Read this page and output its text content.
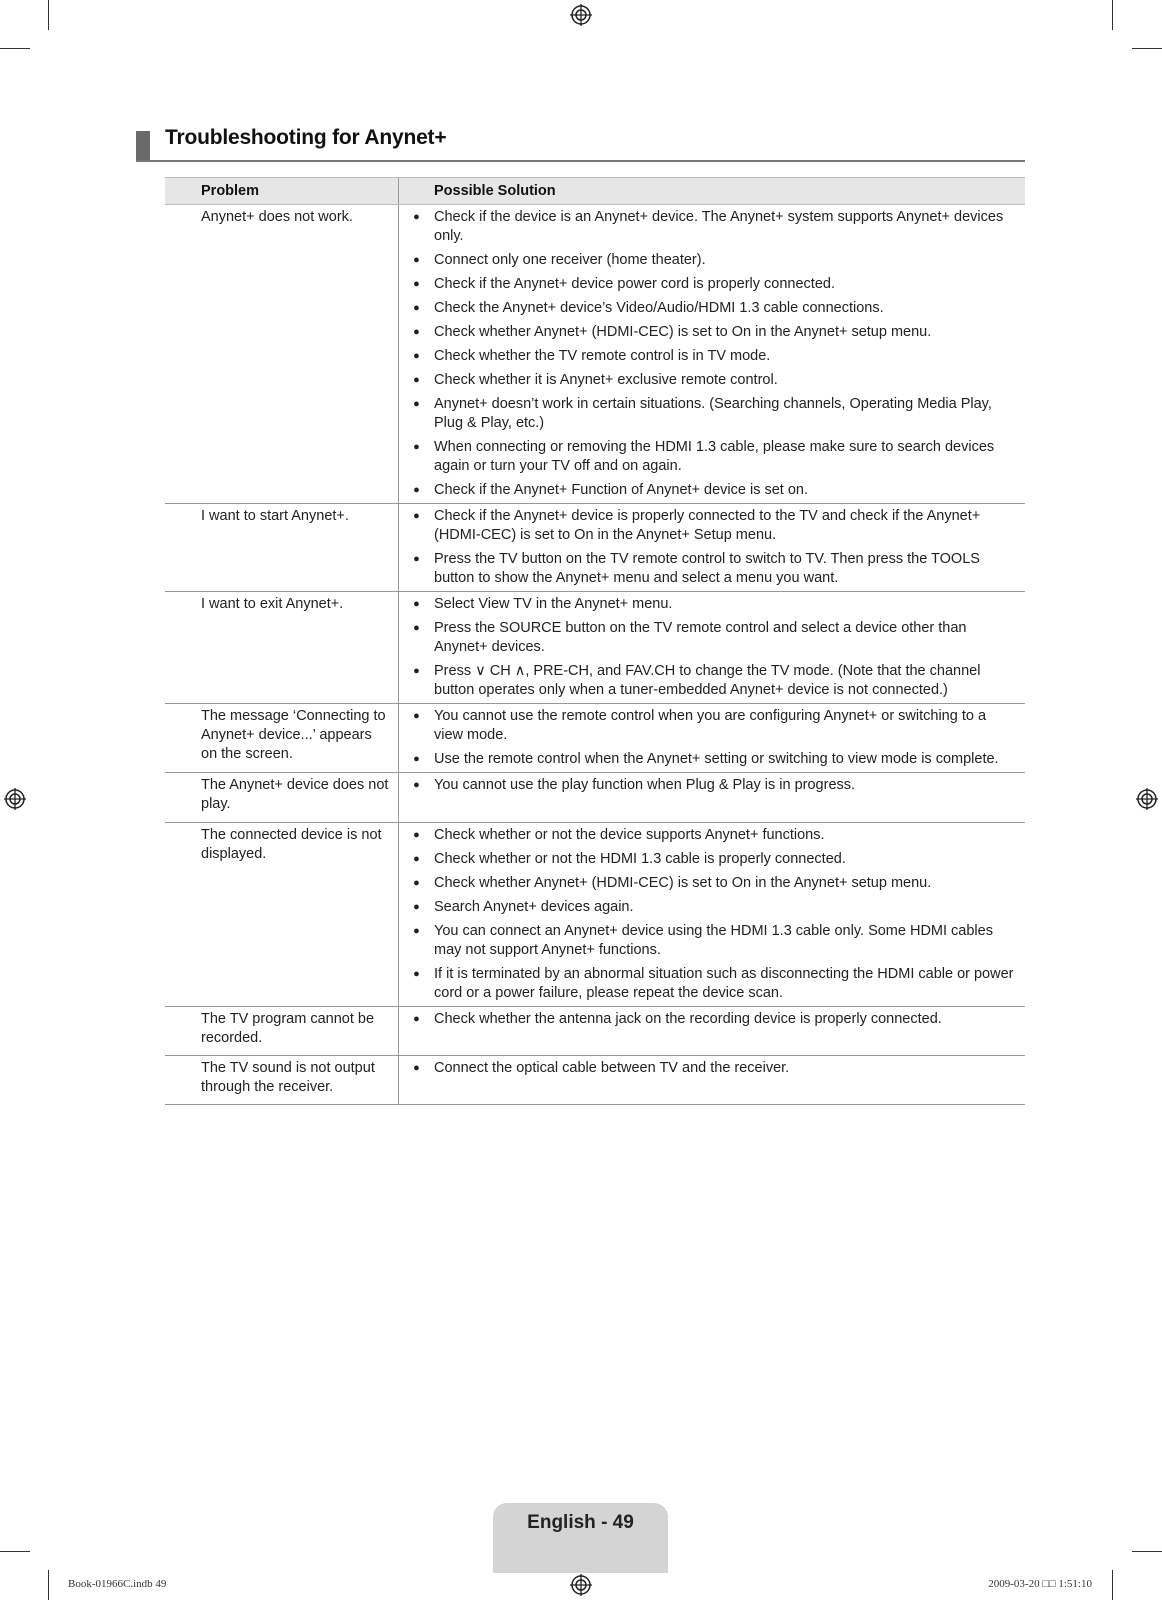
Troubleshooting for Anynet+
Problem	Possible Solution
Anynet+ does not work.	● Check if the device is an Anynet+ device. The Anynet+ system supports Anynet+ devices only.
● Connect only one receiver (home theater).
● Check if the Anynet+ device power cord is properly connected.
● Check the Anynet+ device’s Video/Audio/HDMI 1.3 cable connections.
● Check whether Anynet+ (HDMI-CEC) is set to On in the Anynet+ setup menu.
● Check whether the TV remote control is in TV mode.
● Check whether it is Anynet+ exclusive remote control.
● Anynet+ doesn’t work in certain situations. (Searching channels, Operating Media Play, Plug & Play, etc.)
● When connecting or removing the HDMI 1.3 cable, please make sure to search devices again or turn your TV off and on again.
● Check if the Anynet+ Function of Anynet+ device is set on.
I want to start Anynet+.	● Check if the Anynet+ device is properly connected to the TV and check if the Anynet+ (HDMI-CEC) is set to On in the Anynet+ Setup menu.
● Press the TV button on the TV remote control to switch to TV. Then press the TOOLS button to show the Anynet+ menu and select a menu you want.
I want to exit Anynet+.	● Select View TV in the Anynet+ menu.
● Press the SOURCE button on the TV remote control and select a device other than Anynet+ devices.
● Press ∨ CH ∧, PRE-CH, and FAV.CH to change the TV mode. (Note that the channel button operates only when a tuner-embedded Anynet+ device is not connected.)
The message ‘Connecting to Anynet+ device...’ appears on the screen.
● You cannot use the remote control when you are configuring Anynet+ or switching to a view mode.
● Use the remote control when the Anynet+ setting or switching to view mode is complete.
The Anynet+ device does not play.
● You cannot use the play function when Plug & Play is in progress.
The connected device is not displayed.
● Check whether or not the device supports Anynet+ functions.
● Check whether or not the HDMI 1.3 cable is properly connected.
● Check whether Anynet+ (HDMI-CEC) is set to On in the Anynet+ setup menu.
● Search Anynet+ devices again.
● You can connect an Anynet+ device using the HDMI 1.3 cable only. Some HDMI cables may not support Anynet+ functions.
● If it is terminated by an abnormal situation such as disconnecting the HDMI cable or power cord or a power failure, please repeat the device scan.
The TV program cannot be recorded.
● Check whether the antenna jack on the recording device is properly connected.
The TV sound is not output through the receiver.
● Connect the optical cable between TV and the receiver.
English - 49
Book-01966C.indb 49	2009-03-20 □□ 1:51:10
